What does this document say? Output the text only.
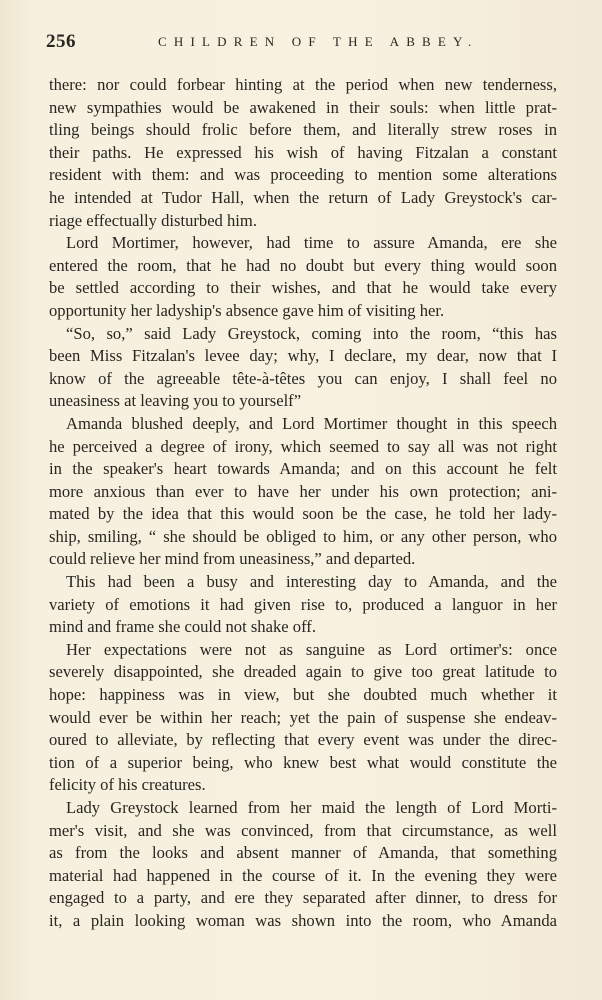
256	CHILDREN OF THE ABBEY.
there: nor could forbear hinting at the period when new tenderness,
new sympathies would be awakened in their souls: when little prat-
tling beings should frolic before them, and literally strew roses in
their paths. He expressed his wish of having Fitzalan a constant
resident with them: and was proceeding to mention some alterations
he intended at Tudor Hall, when the return of Lady Greystock's car-
riage effectually disturbed him.
Lord Mortimer, however, had time to assure Amanda, ere she
entered the room, that he had no doubt but every thing would soon
be settled according to their wishes, and that he would take every
opportunity her ladyship's absence gave him of visiting her.
“So, so,” said Lady Greystock, coming into the room, “this has
been Miss Fitzalan's levee day; why, I declare, my dear, now that I
know of the agreeable tête-à-têtes you can enjoy, I shall feel no
uneasiness at leaving you to yourself”
Amanda blushed deeply, and Lord Mortimer thought in this speech
he perceived a degree of irony, which seemed to say all was not right
in the speaker's heart towards Amanda; and on this account he felt
more anxious than ever to have her under his own protection; ani-
mated by the idea that this would soon be the case, he told her lady-
ship, smiling, “ she should be obliged to him, or any other person, who
could relieve her mind from uneasiness,” and departed.
This had been a busy and interesting day to Amanda, and the
variety of emotions it had given rise to, produced a languor in her
mind and frame she could not shake off.
Her expectations were not as sanguine as Lord ortimer's: once
severely disappointed, she dreaded again to give too great latitude to
hope: happiness was in view, but she doubted much whether it
would ever be within her reach; yet the pain of suspense she endeav-
oured to alleviate, by reflecting that every event was under the direc-
tion of a superior being, who knew best what would constitute the
felicity of his creatures.
Lady Greystock learned from her maid the length of Lord Morti-
mer's visit, and she was convinced, from that circumstance, as well
as from the looks and absent manner of Amanda, that something
material had happened in the course of it. In the evening they were
engaged to a party, and ere they separated after dinner, to dress for
it, a plain looking woman was shown into the room, who Amanda
